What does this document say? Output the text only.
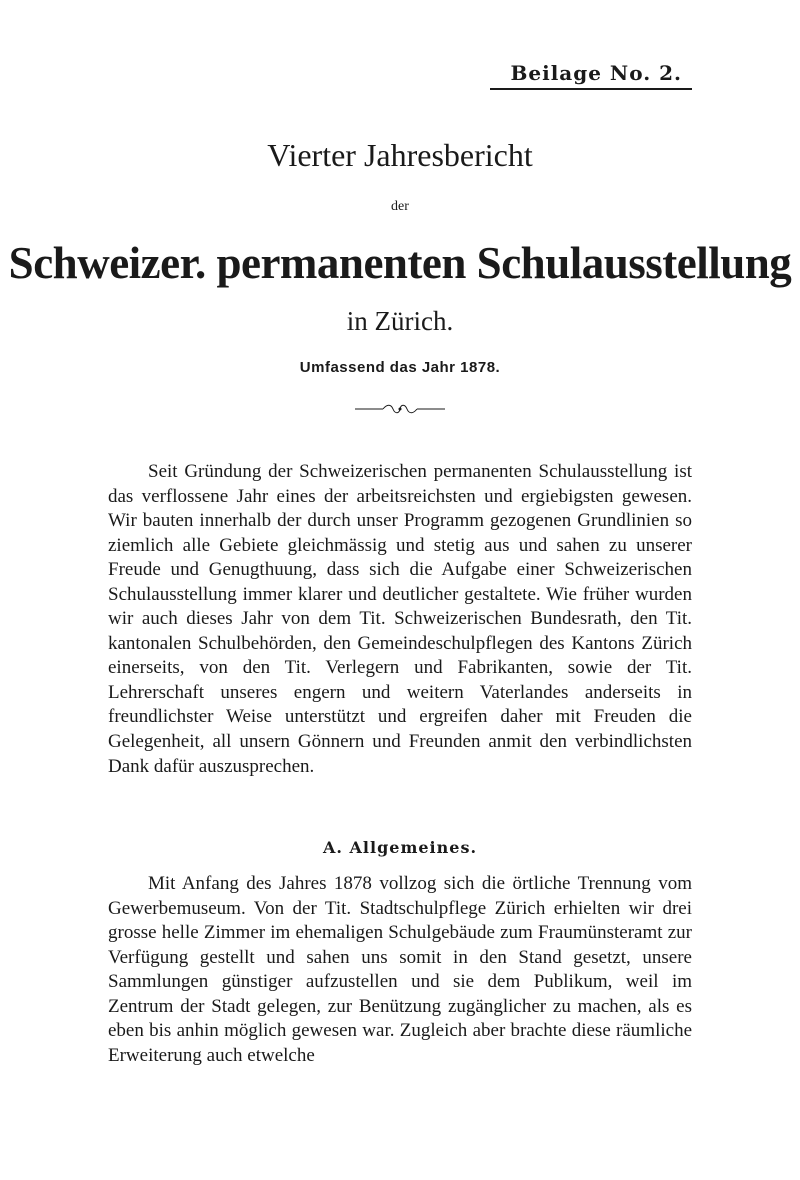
Beilage No. 2.
Vierter Jahresbericht
der
Schweizer. permanenten Schulausstellung
in Zürich.
Umfassend das Jahr 1878.

Seit Gründung der Schweizerischen permanenten Schulausstellung ist das verflossene Jahr eines der arbeitsreichsten und ergiebigsten gewesen. Wir bauten innerhalb der durch unser Programm gezogenen Grundlinien so ziemlich alle Gebiete gleichmässig und stetig aus und sahen zu unserer Freude und Genugthuung, dass sich die Aufgabe einer Schweizerischen Schulausstellung immer klarer und deutlicher gestaltete. Wie früher wurden wir auch dieses Jahr von dem Tit. Schweizerischen Bundesrath, den Tit. kantonalen Schulbehörden, den Gemeindeschulpflegen des Kantons Zürich einerseits, von den Tit. Verlegern und Fabrikanten, sowie der Tit. Lehrerschaft unseres engern und weitern Vaterlandes anderseits in freundlichster Weise unterstützt und ergreifen daher mit Freuden die Gelegenheit, all unsern Gönnern und Freunden anmit den verbindlichsten Dank dafür auszusprechen.

A. Allgemeines.

Mit Anfang des Jahres 1878 vollzog sich die örtliche Trennung vom Gewerbemuseum. Von der Tit. Stadtschulpflege Zürich erhielten wir drei grosse helle Zimmer im ehemaligen Schulgebäude zum Fraumünsteramt zur Verfügung gestellt und sahen uns somit in den Stand gesetzt, unsere Sammlungen günstiger aufzustellen und sie dem Publikum, weil im Zentrum der Stadt gelegen, zur Benützung zugänglicher zu machen, als es eben bis anhin möglich gewesen war. Zugleich aber brachte diese räumliche Erweiterung auch etwelche
